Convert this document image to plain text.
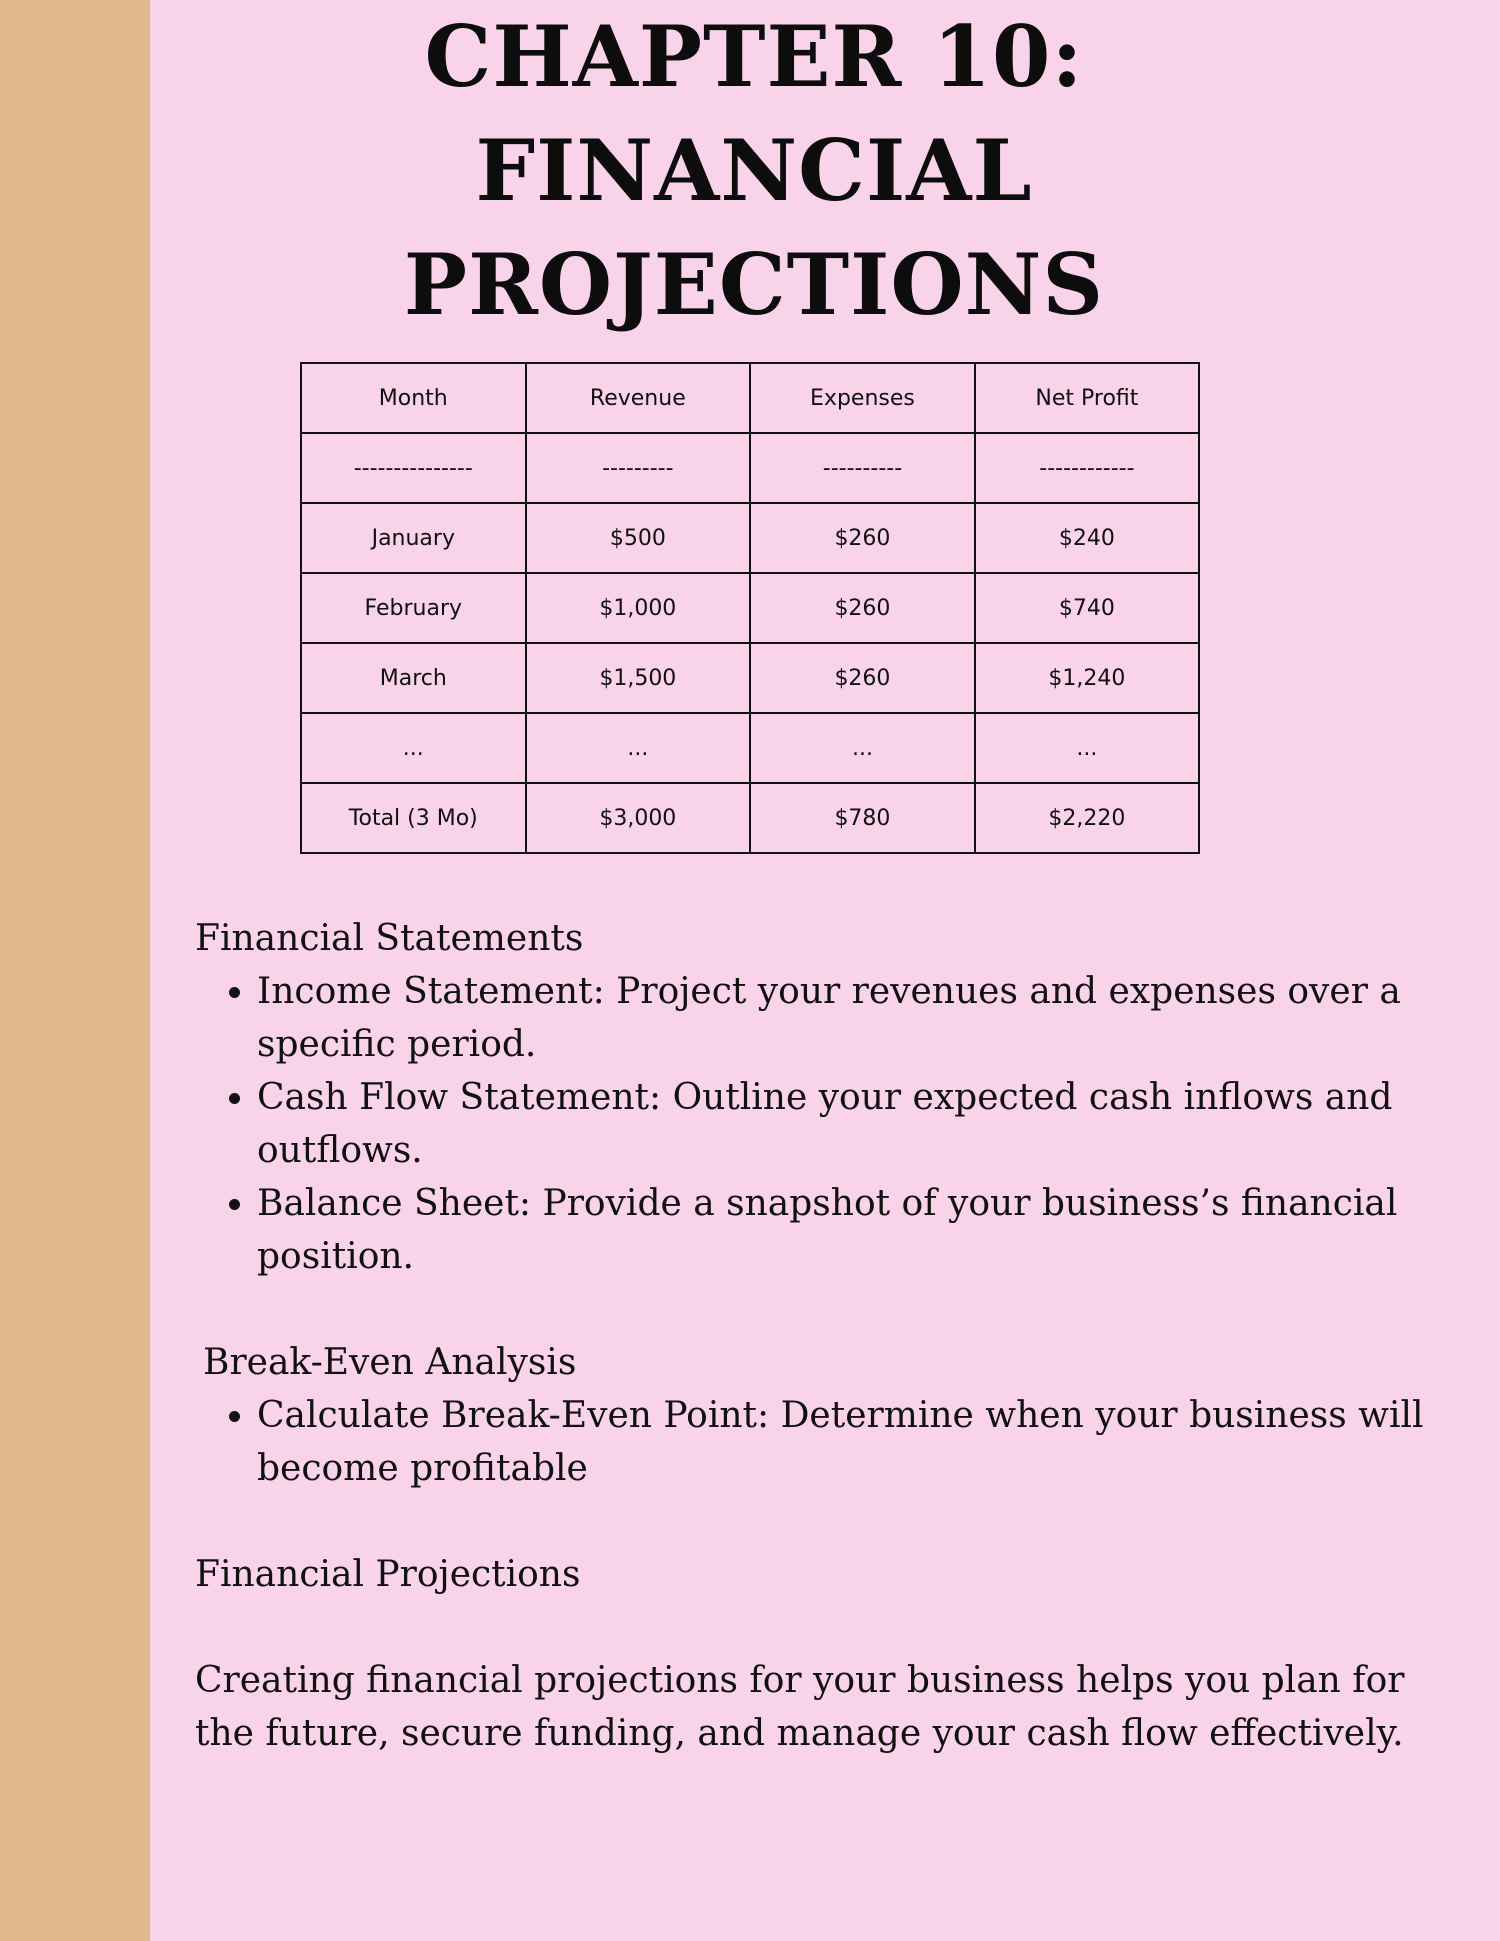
CHAPTER 10:
FINANCIAL
PROJECTIONS
Month	Revenue	Expenses	Net Profit
---------------	---------	----------	------------
January	$500	$260	$240
February	$1,000	$260	$740
March	$1,500	$260	$1,240
...	...	...	...
Total (3 Mo)	$3,000	$780	$2,220
Financial Statements
• Income Statement: Project your revenues and expenses over a specific period.
• Cash Flow Statement: Outline your expected cash inflows and outflows.
• Balance Sheet: Provide a snapshot of your business’s financial position.
Break-Even Analysis
• Calculate Break-Even Point: Determine when your business will become profitable
Financial Projections

Creating financial projections for your business helps you plan for the future, secure funding, and manage your cash flow effectively.
